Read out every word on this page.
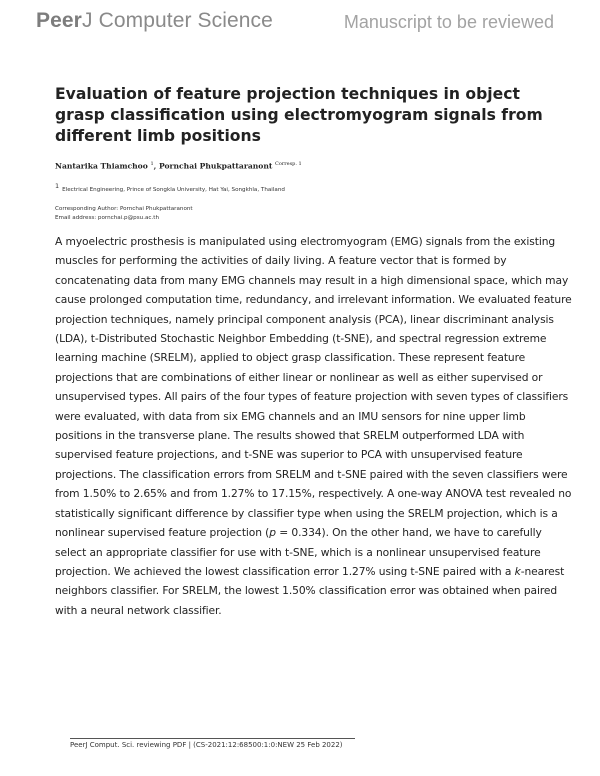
PeerJ Computer Science	Manuscript to be reviewed
Evaluation of feature projection techniques in object grasp classification using electromyogram signals from different limb positions
Nantarika Thiamchoo $^1$, Pornchai Phukpattaranont $^{Corresp. 1}$
$^1$ Electrical Engineering, Prince of Songkla University, Hat Yai, Songkhla, Thailand
Corresponding Author: Pornchai Phukpattaranont
Email address: pornchai.p@psu.ac.th

A myoelectric prosthesis is manipulated using electromyogram (EMG) signals from the existing muscles for performing the activities of daily living. A feature vector that is formed by concatenating data from many EMG channels may result in a high dimensional space, which may cause prolonged computation time, redundancy, and irrelevant information. We evaluated feature projection techniques, namely principal component analysis (PCA), linear discriminant analysis (LDA), t-Distributed Stochastic Neighbor Embedding (t-SNE), and spectral regression extreme learning machine (SRELM), applied to object grasp classification. These represent feature projections that are combinations of either linear or nonlinear as well as either supervised or unsupervised types. All pairs of the four types of feature projection with seven types of classifiers were evaluated, with data from six EMG channels and an IMU sensors for nine upper limb positions in the transverse plane. The results showed that SRELM outperformed LDA with supervised feature projections, and t-SNE was superior to PCA with unsupervised feature projections. The classification errors from SRELM and t-SNE paired with the seven classifiers were from 1.50% to 2.65% and from 1.27% to 17.15%, respectively. A one-way ANOVA test revealed no statistically significant difference by classifier type when using the SRELM projection, which is a nonlinear supervised feature projection (p = 0.334). On the other hand, we have to carefully select an appropriate classifier for use with t-SNE, which is a nonlinear unsupervised feature projection. We achieved the lowest classification error 1.27% using t-SNE paired with a k-nearest neighbors classifier. For SRELM, the lowest 1.50% classification error was obtained when paired with a neural network classifier.

PeerJ Comput. Sci. reviewing PDF | (CS-2021:12:68500:1:0:NEW 25 Feb 2022)
